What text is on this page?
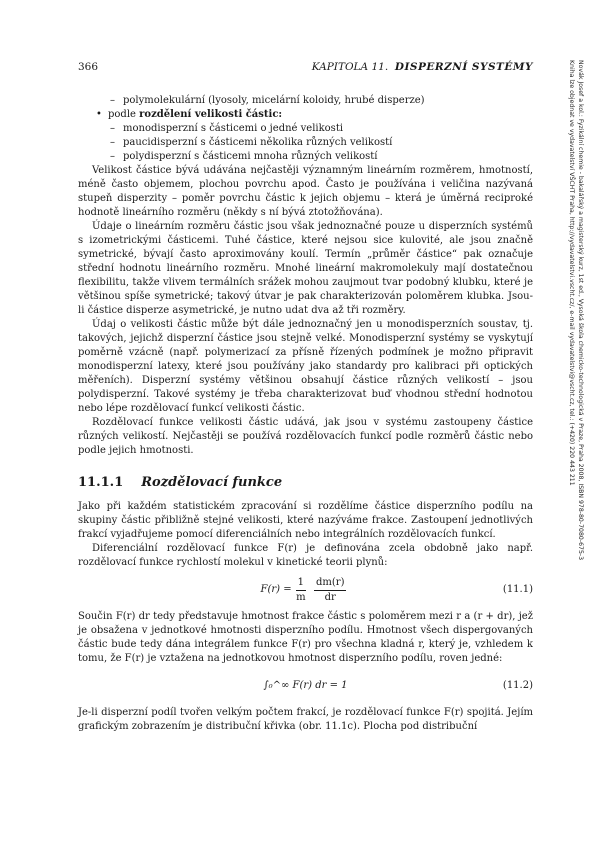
366	KAPITOLA 11. DISPERZNÍ SYSTÉMY
– polymolekulární (lyosoly, micelární koloidy, hrubé disperze)
• podle rozdělení velikosti částic:
– monodisperzní s částicemi o jedné velikosti
– paucidisperzní s částicemi několika různých velikostí
– polydisperzní s částicemi mnoha různých velikostí

Velikost částice bývá udávána nejčastěji významným lineárním rozměrem, hmotností, méně často objemem, plochou povrchu apod. Často je používána i veličina nazývaná stupeň disperzity – poměr povrchu částic k jejich objemu – která je úměrná reciproké hodnotě lineárního rozměru (někdy s ní bývá ztotožňována).

Údaje o lineárním rozměru částic jsou však jednoznačné pouze u disperzních systémů s izometrickými částicemi. Tuhé částice, které nejsou sice kulovité, ale jsou značně symetrické, bývají často aproximovány koulí. Termín „průměr částice“ pak označuje střední hodnotu lineárního rozměru. Mnohé lineární makromolekuly mají dostatečnou flexibilitu, takže vlivem termálních srážek mohou zaujmout tvar podobný klubku, které je většinou spíše symetrické; takový útvar je pak charakterizován poloměrem klubka. Jsou-li částice disperze asymetrické, je nutno udat dva až tři rozměry.

Údaj o velikosti částic může být dále jednoznačný jen u monodisperzních soustav, tj. takových, jejichž disperzní částice jsou stejně velké. Monodisperzní systémy se vyskytují poměrně vzácně (např. polymerizací za přísně řízených podmínek je možno připravit monodisperzní latexy, které jsou používány jako standardy pro kalibraci při optických měřeních). Disperzní systémy většinou obsahují částice různých velikostí – jsou polydisperzní. Takové systémy je třeba charakterizovat buď vhodnou střední hodnotou nebo lépe rozdělovací funkcí velikosti částic.

Rozdělovací funkce velikosti částic udává, jak jsou v systému zastoupeny částice různých velikostí. Nejčastěji se používá rozdělovacích funkcí podle rozměrů částic nebo podle jejich hmotnosti.

11.1.1 Rozdělovací funkce

Jako při každém statistickém zpracování si rozdělíme částice disperzního podílu na skupiny částic přibližně stejné velikosti, které nazýváme frakce. Zastoupení jednotlivých frakcí vyjadřujeme pomocí diferenciálních nebo integrálních rozdělovacích funkcí.

Diferenciální rozdělovací funkce F(r) je definována zcela obdobně jako např. rozdělovací funkce rychlostí molekul v kinetické teorii plynů:

$F(r) = \frac{1}{m} \frac{dm(r)}{dr}$	(11.1)

Součin F(r) dr tedy představuje hmotnost frakce částic s poloměrem mezi r a (r + dr), jež je obsažena v jednotkové hmotnosti disperzního podílu. Hmotnost všech dispergovaných částic bude tedy dána integrálem funkce F(r) pro všechna kladná r, který je, vzhledem k tomu, že F(r) je vztažena na jednotkovou hmotnost disperzního podílu, roven jedné:

∫₀^∞ F(r) dr = 1	(11.2)

Je-li disperzní podíl tvořen velkým počtem frakcí, je rozdělovací funkce F(r) spojitá. Jejím grafickým zobrazením je distribuční křivka (obr. 11.1c). Plocha pod distribuční

Novák Josef a kol.: Fyzikální chemie - bakalářský a magisterský kurz, 1st ed., Vysoká škola chemicko-technologická v Praze, Praha 2008, ISBN 978-80-7080-675-3
Kniha lze objednat ve vydavatelství VŠCHT Praha, http://vydavatelstvi.vscht.cz/, e-mail vydavatelstvi@vscht.cz, tel.: (+420) 220 443 211
